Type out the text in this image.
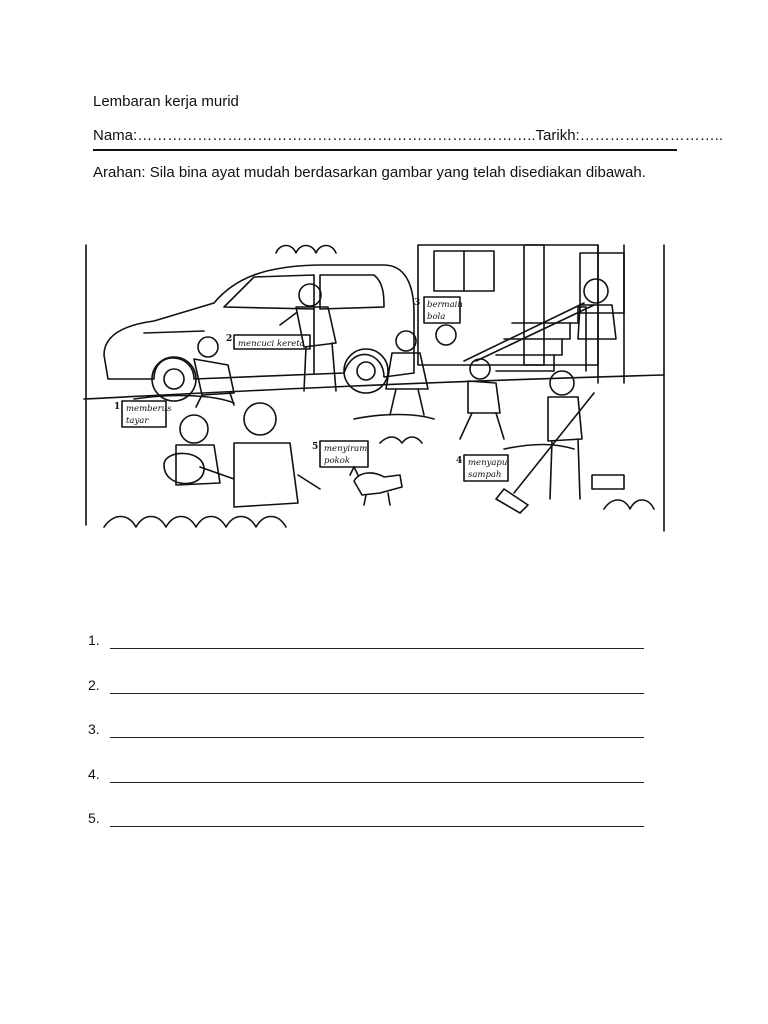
Lembaran kerja murid
Nama:……………………………………………………………………..Tarikh:………………………..
Arahan: Sila bina ayat mudah berdasarkan gambar yang telah disediakan dibawah.
1 memberus
tayar
2 mencuci kereta
3 bermain
bola
4 menyapu
sampah
5 menyiram
pokok
1.
2.
3.
4.
5.
